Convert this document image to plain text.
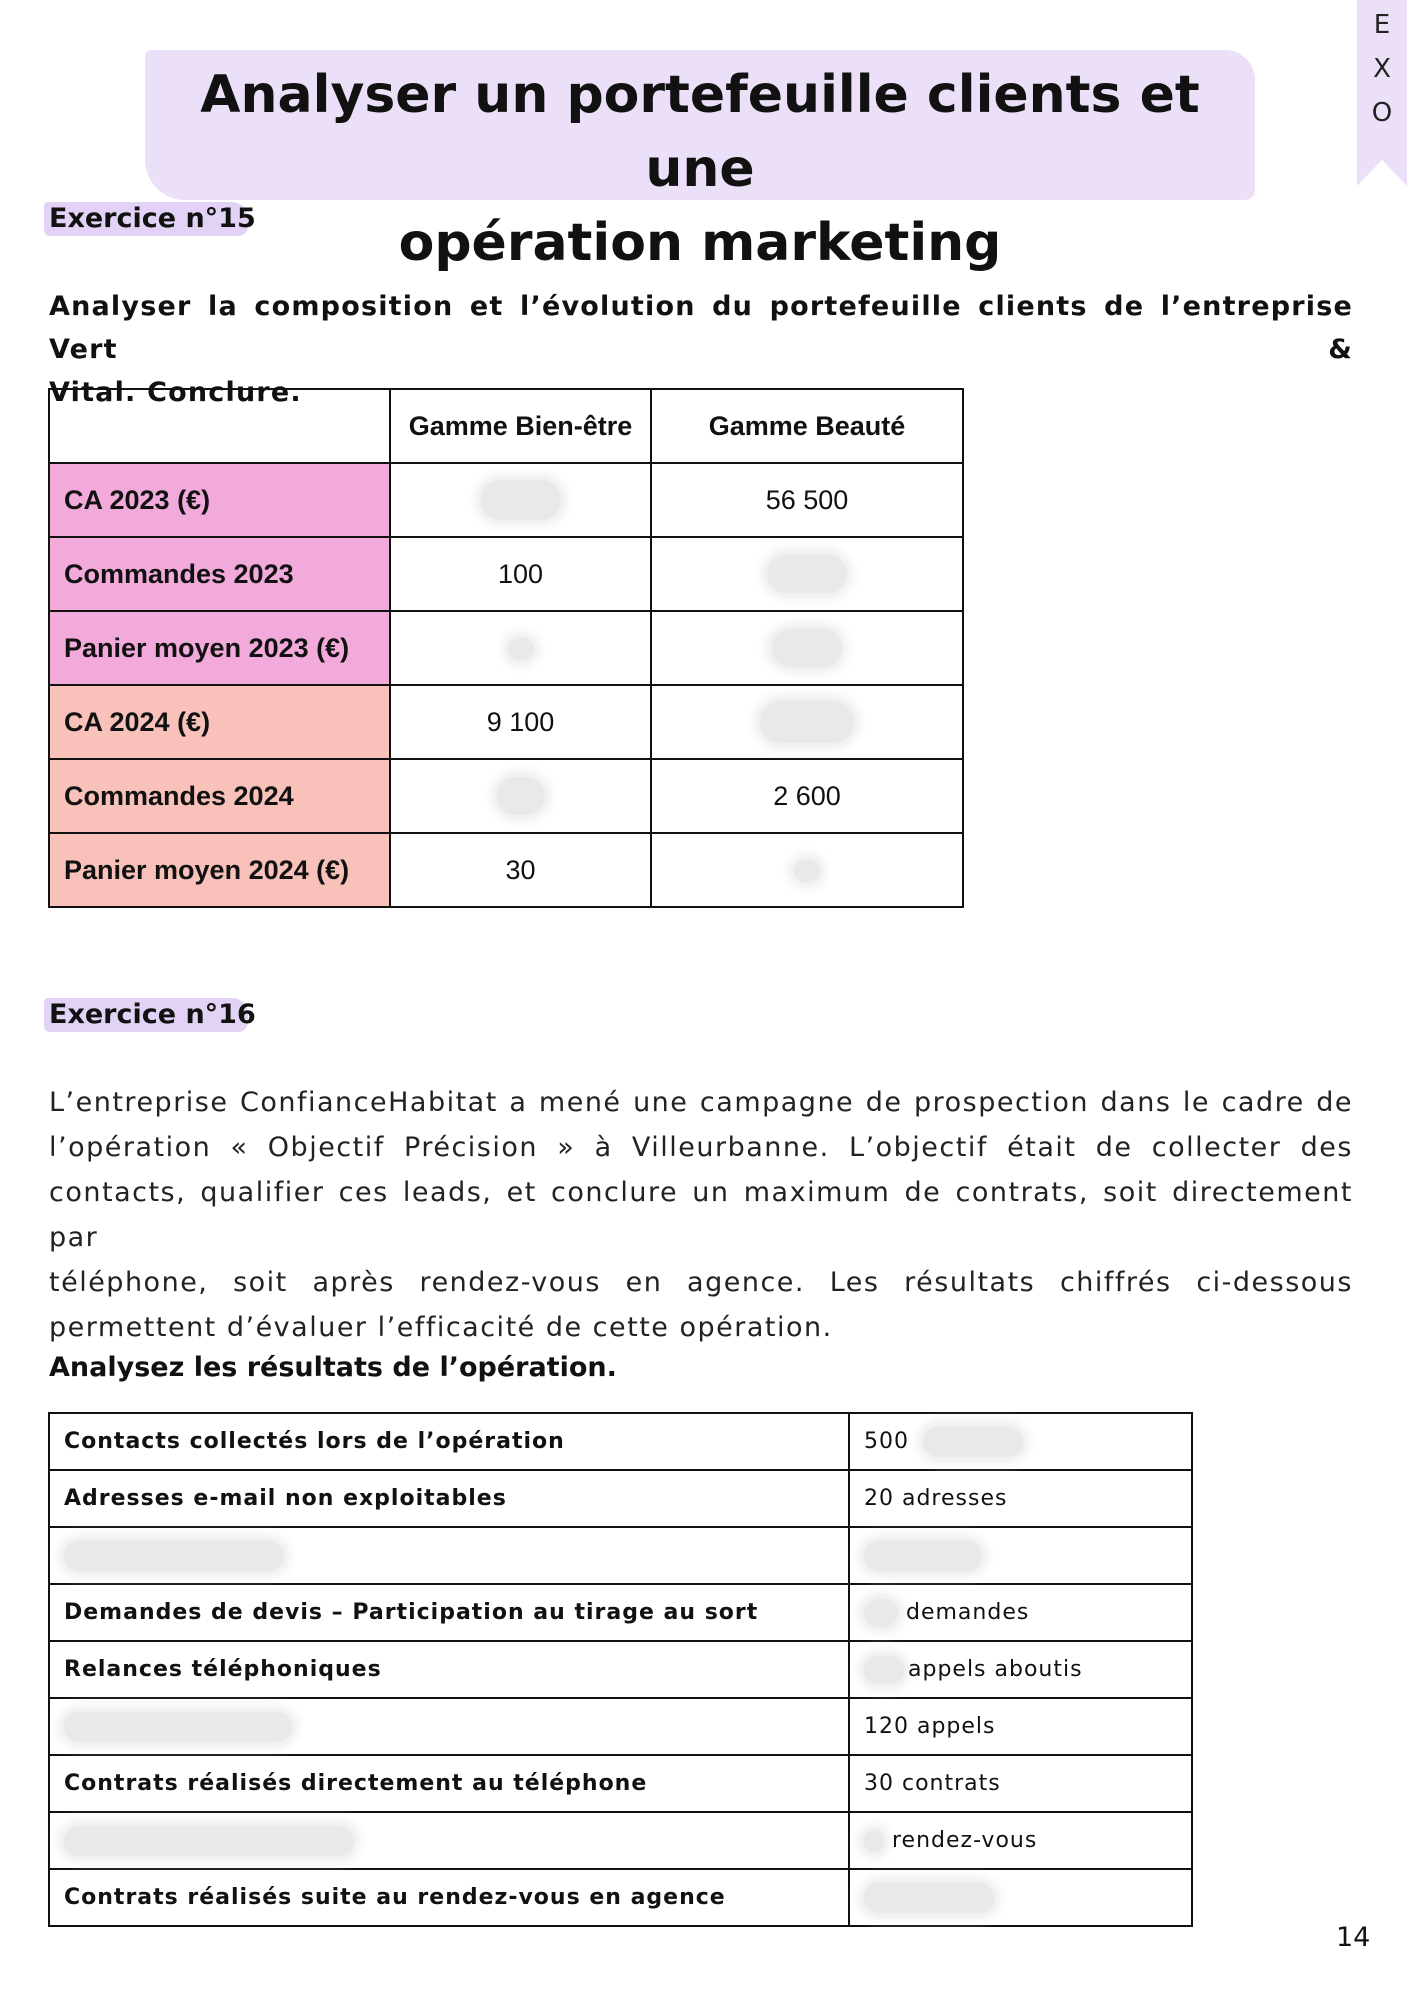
E
X
O
Analyser un portefeuille clients et une
opération marketing
Exercice n°15
Analyser la composition et l’évolution du portefeuille clients de l’entreprise Vert &
Vital. Conclure.
	Gamme Bien-être	Gamme Beauté
CA 2023 (€)		56 500
Commandes 2023	100	
Panier moyen 2023 (€)		
CA 2024 (€)	9 100	
Commandes 2024		2 600
Panier moyen 2024 (€)	30	
Exercice n°16
L’entreprise ConfianceHabitat a mené une campagne de prospection dans le cadre de
l’opération « Objectif Précision » à Villeurbanne. L’objectif était de collecter des
contacts, qualifier ces leads, et conclure un maximum de contrats, soit directement par
téléphone, soit après rendez-vous en agence. Les résultats chiffrés ci-dessous
permettent d’évaluer l’efficacité de cette opération.
Analysez les résultats de l’opération.
Contacts collectés lors de l’opération	500
Adresses e-mail non exploitables	20 adresses

Demandes de devis – Participation au tirage au sort	demandes
Relances téléphoniques	appels aboutis
	120 appels
Contrats réalisés directement au téléphone	30 contrats
	rendez-vous
Contrats réalisés suite au rendez-vous en agence	
14
